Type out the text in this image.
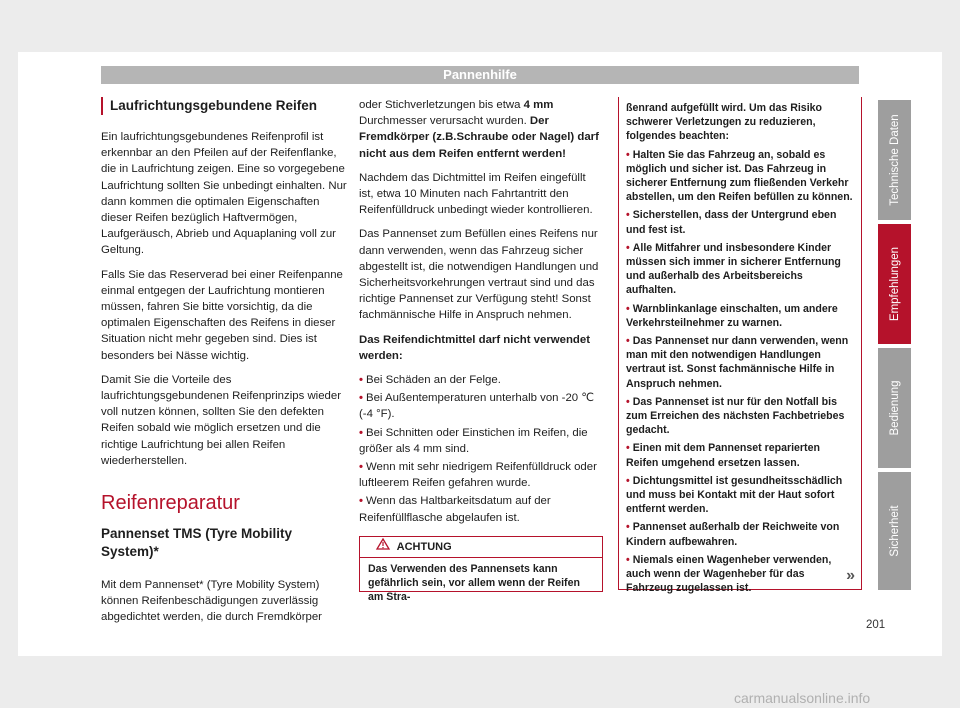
Pannenhilfe
Laufrichtungsgebundene Reifen

Ein laufrichtungsgebundenes Reifenprofil ist erkennbar an den Pfeilen auf der Reifenflanke, die in Laufrichtung zeigen. Eine so vorgegebene Laufrichtung sollten Sie unbedingt einhalten. Nur dann kommen die optimalen Eigenschaften dieser Reifen bezüglich Haftvermögen, Laufgeräusch, Abrieb und Aquaplaning voll zur Geltung.

Falls Sie das Reserverad bei einer Reifenpanne einmal entgegen der Laufrichtung montieren müssen, fahren Sie bitte vorsichtig, da die optimalen Eigenschaften des Reifens in dieser Situation nicht mehr gegeben sind. Dies ist besonders bei Nässe wichtig.

Damit Sie die Vorteile des laufrichtungsgebundenen Reifenprinzips wieder voll nutzen können, sollten Sie den defekten Reifen sobald wie möglich ersetzen und die richtige Laufrichtung bei allen Reifen wiederherstellen.

Reifenreparatur
Pannenset TMS (Tyre Mobility System)*

Mit dem Pannenset* (Tyre Mobility System) können Reifenbeschädigungen zuverlässig abgedichtet werden, die durch Fremdkörper

oder Stichverletzungen bis etwa 4 mm Durchmesser verursacht wurden. Der Fremdkörper (z.B.Schraube oder Nagel) darf nicht aus dem Reifen entfernt werden!

Nachdem das Dichtmittel im Reifen eingefüllt ist, etwa 10 Minuten nach Fahrtantritt den Reifenfülldruck unbedingt wieder kontrollieren.

Das Pannenset zum Befüllen eines Reifens nur dann verwenden, wenn das Fahrzeug sicher abgestellt ist, die notwendigen Handlungen und Sicherheitsvorkehrungen vertraut sind und das richtige Pannenset zur Verfügung steht! Sonst fachmännische Hilfe in Anspruch nehmen.

Das Reifendichtmittel darf nicht verwendet werden:

• Bei Schäden an der Felge.
• Bei Außentemperaturen unterhalb von -20 ℃ (-4 °F).
• Bei Schnitten oder Einstichen im Reifen, die größer als 4 mm sind.
• Wenn mit sehr niedrigem Reifenfülldruck oder luftleerem Reifen gefahren wurde.
• Wenn das Haltbarkeitsdatum auf der Reifenfüllflasche abgelaufen ist.
ACHTUNG
Das Verwenden des Pannensets kann gefährlich sein, vor allem wenn der Reifen am Stra-

ßenrand aufgefüllt wird. Um das Risiko schwerer Verletzungen zu reduzieren, folgendes beachten:

• Halten Sie das Fahrzeug an, sobald es möglich und sicher ist. Das Fahrzeug in sicherer Entfernung zum fließenden Verkehr abstellen, um den Reifen befüllen zu können.

• Sicherstellen, dass der Untergrund eben und fest ist.

• Alle Mitfahrer und insbesondere Kinder müssen sich immer in sicherer Entfernung und außerhalb des Arbeitsbereichs aufhalten.

• Warnblinkanlage einschalten, um andere Verkehrsteilnehmer zu warnen.

• Das Pannenset nur dann verwenden, wenn man mit den notwendigen Handlungen vertraut ist. Sonst fachmännische Hilfe in Anspruch nehmen.

• Das Pannenset ist nur für den Notfall bis zum Erreichen des nächsten Fachbetriebes gedacht.

• Einen mit dem Pannenset reparierten Reifen umgehend ersetzen lassen.

• Dichtungsmittel ist gesundheitsschädlich und muss bei Kontakt mit der Haut sofort entfernt werden.

• Pannenset außerhalb der Reichweite von Kindern aufbewahren.

• Niemals einen Wagenheber verwenden, auch wenn der Wagenheber für das Fahrzeug zugelassen ist.

»
Technische Daten
Empfehlungen
Bedienung
Sicherheit
201
carmanualsonline.info
